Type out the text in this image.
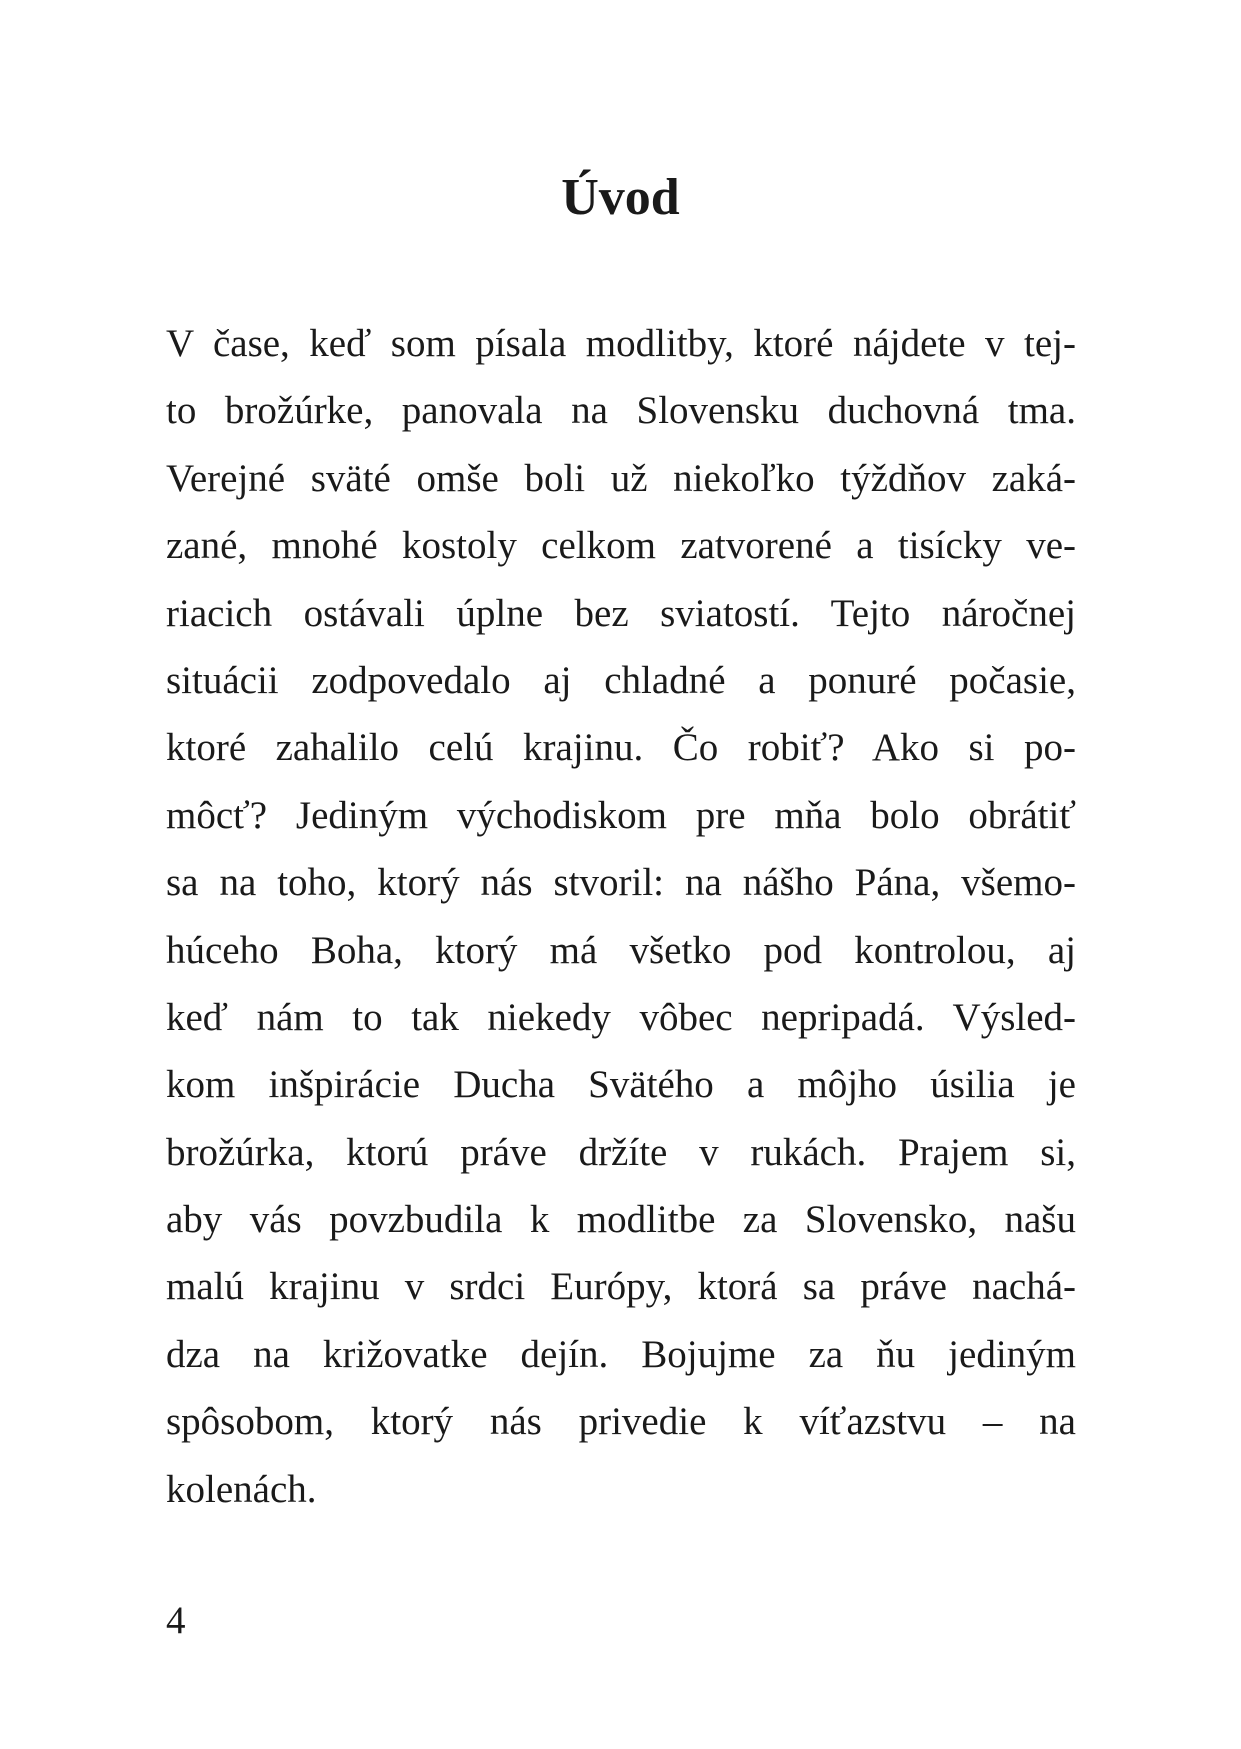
Úvod
V čase, keď som písala modlitby, ktoré nájdete v tej-
to brožúrke, panovala na Slovensku duchovná tma.
Verejné sväté omše boli už niekoľko týždňov zaká-
zané, mnohé kostoly celkom zatvorené a tisícky ve-
riacich ostávali úplne bez sviatostí. Tejto náročnej
situácii zodpovedalo aj chladné a ponuré počasie,
ktoré zahalilo celú krajinu. Čo robiť? Ako si po-
môcť? Jediným východiskom pre mňa bolo obrátiť
sa na toho, ktorý nás stvoril: na nášho Pána, všemo-
húceho Boha, ktorý má všetko pod kontrolou, aj
keď nám to tak niekedy vôbec nepripadá. Výsled-
kom inšpirácie Ducha Svätého a môjho úsilia je
brožúrka, ktorú práve držíte v rukách. Prajem si,
aby vás povzbudila k modlitbe za Slovensko, našu
malú krajinu v srdci Európy, ktorá sa práve nachá-
dza na križovatke dejín. Bojujme za ňu jediným
spôsobom, ktorý nás privedie k víťazstvu – na
kolenách.
4
